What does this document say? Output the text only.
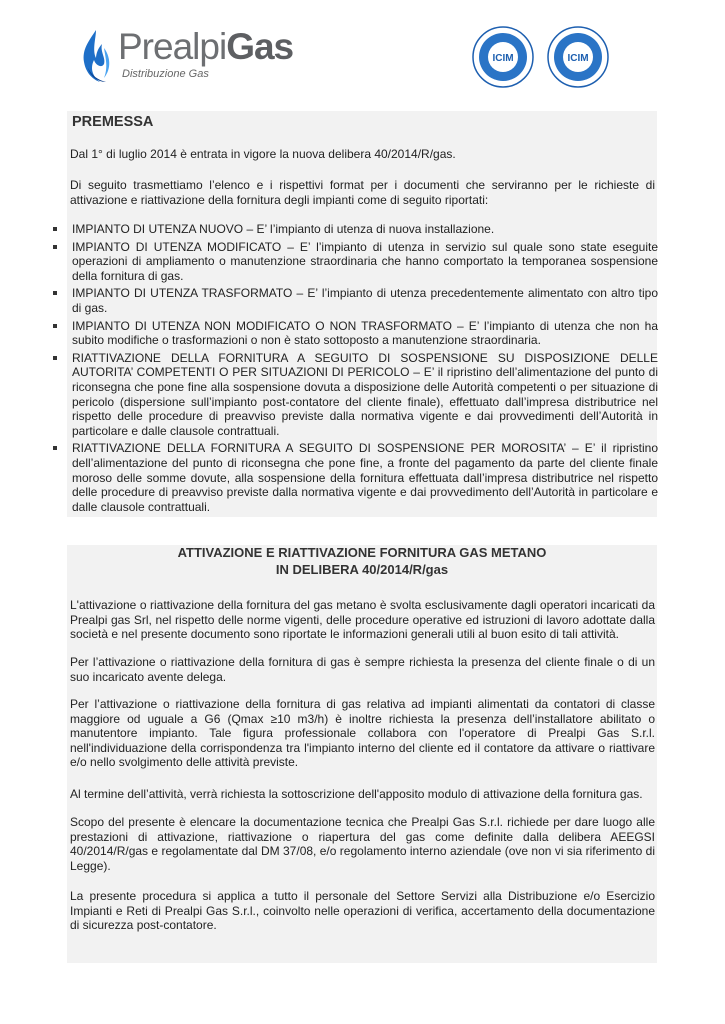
PrealpiGas
Distribuzione Gas
ICIM	ICIM
PREMESSA

Dal 1° di luglio 2014 è entrata in vigore la nuova delibera 40/2014/R/gas.

Di seguito trasmettiamo l’elenco e i rispettivi format per i documenti che serviranno per le richieste di attivazione e riattivazione della fornitura degli impianti come di seguito riportati:

IMPIANTO DI UTENZA NUOVO – E’ l’impianto di utenza di nuova installazione.
IMPIANTO DI UTENZA MODIFICATO – E’ l’impianto di utenza in servizio sul quale sono state eseguite operazioni di ampliamento o manutenzione straordinaria che hanno comportato la temporanea sospensione della fornitura di gas.
IMPIANTO DI UTENZA TRASFORMATO – E’ l’impianto di utenza precedentemente alimentato con altro tipo di gas.
IMPIANTO DI UTENZA NON MODIFICATO O NON TRASFORMATO – E’ l’impianto di utenza che non ha subito modifiche o trasformazioni o non è stato sottoposto a manutenzione straordinaria.
RIATTIVAZIONE DELLA FORNITURA A SEGUITO DI SOSPENSIONE SU DISPOSIZIONE DELLE AUTORITA’ COMPETENTI O PER SITUAZIONI DI PERICOLO – E’ il ripristino dell’alimentazione del punto di riconsegna che pone fine alla sospensione dovuta a disposizione delle Autorità competenti o per situazione di pericolo (dispersione sull’impianto post-contatore del cliente finale), effettuato dall’impresa distributrice nel rispetto delle procedure di preavviso previste dalla normativa vigente e dai provvedimenti dell’Autorità in particolare e dalle clausole contrattuali.
RIATTIVAZIONE DELLA FORNITURA A SEGUITO DI SOSPENSIONE PER MOROSITA’ – E’ il ripristino dell’alimentazione del punto di riconsegna che pone fine, a fronte del pagamento da parte del cliente finale moroso delle somme dovute, alla sospensione della fornitura effettuata dall’impresa distributrice nel rispetto delle procedure di preavviso previste dalla normativa vigente e dai provvedimento dell’Autorità in particolare e dalle clausole contrattuali.
ATTIVAZIONE E RIATTIVAZIONE FORNITURA GAS METANO
IN DELIBERA 40/2014/R/gas

L'attivazione o riattivazione della fornitura del gas metano è svolta esclusivamente dagli operatori incaricati da Prealpi gas Srl, nel rispetto delle norme vigenti, delle procedure operative ed istruzioni di lavoro adottate dalla società e nel presente documento sono riportate le informazioni generali utili al buon esito di tali attività.

Per l’attivazione o riattivazione della fornitura di gas è sempre richiesta la presenza del cliente finale o di un suo incaricato avente delega.

Per l’attivazione o riattivazione della fornitura di gas relativa ad impianti alimentati da contatori di classe maggiore od uguale a G6 (Qmax ≥10 m3/h) è inoltre richiesta la presenza dell’installatore abilitato o manutentore impianto. Tale figura professionale collabora con l'operatore di Prealpi Gas S.r.l. nell'individuazione della corrispondenza tra l'impianto interno del cliente ed il contatore da attivare o riattivare e/o nello svolgimento delle attività previste.

Al termine dell’attività, verrà richiesta la sottoscrizione dell'apposito modulo di attivazione della fornitura gas.

Scopo del presente è elencare la documentazione tecnica che Prealpi Gas S.r.l. richiede per dare luogo alle prestazioni di attivazione, riattivazione o riapertura del gas come definite dalla delibera AEEGSI 40/2014/R/gas e regolamentate dal DM 37/08, e/o regolamento interno aziendale (ove non vi sia riferimento di Legge).

La presente procedura si applica a tutto il personale del Settore Servizi alla Distribuzione e/o Esercizio Impianti e Reti di Prealpi Gas S.r.l., coinvolto nelle operazioni di verifica, accertamento della documentazione di sicurezza post-contatore.
